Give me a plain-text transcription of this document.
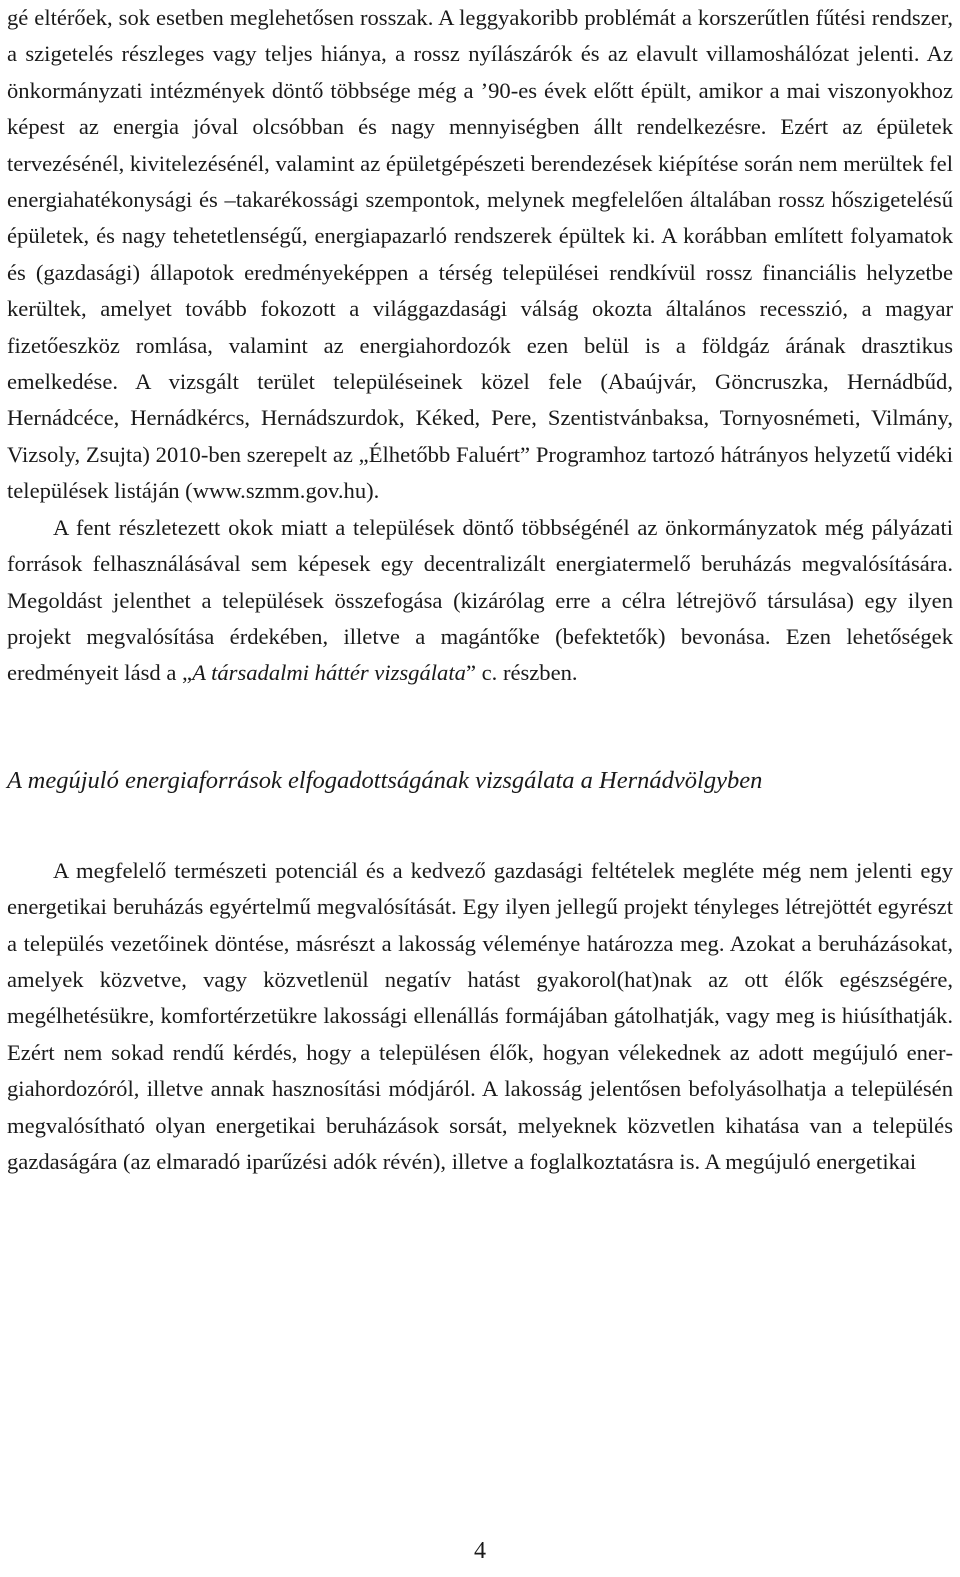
gé eltérőek, sok esetben meglehetősen rosszak. A leggyakoribb problémát a korszerűtlen fűtési rendszer, a szigetelés részleges vagy teljes hiánya, a rossz nyílászárók és az elavult villamoshálózat jelenti. Az önkormányzati intézmények döntő többsége még a ’90-es évek előtt épült, amikor a mai viszonyokhoz képest az energia jóval olcsóbban és nagy mennyiségben állt rendelkezésre. Ezért az épületek tervezésénél, kivitelezésénél, valamint az épületgépészeti berendezések kiépítése során nem merültek fel energiahatékonysági és –takarékossági szempontok, melynek megfelelően általában rossz hőszigetelésű épületek, és nagy tehetetlenségű, energiapazarló rendszerek épültek ki. A korábban említett folyamatok és (gazdasági) állapotok eredményeképpen a térség települései rendkívül rossz financiális helyzetbe kerültek, amelyet tovább fokozott a világgazdasági válság okozta általános recesszió, a magyar fizetőeszköz romlása, valamint az energiahordozók ezen belül is a földgáz árának drasztikus emelkedése. A vizsgált terület településeinek közel fele (Abaújvár, Göncruszka, Hernádbűd, Hernádcéce, Hernádkércs, Hernádszurdok, Kéked, Pere, Szentistvánbaksa, Tornyosnémeti, Vilmány, Vizsoly, Zsujta) 2010-ben szerepelt az „Élhetőbb Faluért” Programhoz tartozó hátrányos helyzetű vidéki települések listáján (www.szmm.gov.hu).

A fent részletezett okok miatt a települések döntő többségénél az önkormányzatok még pályázati források felhasználásával sem képesek egy decentralizált energiatermelő beruházás megvalósítására. Megoldást jelenthet a települések összefogása (kizárólag erre a célra létrejövő társulása) egy ilyen projekt megvalósítása érdekében, illetve a magántőke (befektetők) bevonása. Ezen lehetőségek eredményeit lásd a „A társadalmi háttér vizsgálata” c. részben.

A megújuló energiaforrások elfogadottságának vizsgálata a Hernádvölgyben

A megfelelő természeti potenciál és a kedvező gazdasági feltételek megléte még nem jelenti egy energetikai beruházás egyértelmű megvalósítását. Egy ilyen jellegű projekt tényleges létrejöttét egyrészt a település vezetőinek döntése, másrészt a lakosság véleménye határozza meg. Azokat a beruházásokat, amelyek közvetve, vagy közvetlenül negatív hatást gyakorol(hat)nak az ott élők egészségére, megélhetésükre, komfortérzetükre lakossági ellenállás formájában gátolhatják, vagy meg is hiúsíthatják. Ezért nem sokad rendű kérdés, hogy a településen élők, hogyan vélekednek az adott megújuló energiahordozóról, illetve annak hasznosítási módjáról. A lakosság jelentősen befolyásolhatja a településén megvalósítható olyan energetikai beruházások sorsát, melyeknek közvetlen kihatása van a település gazdaságára (az elmaradó iparűzési adók révén), illetve a foglalkoztatásra is. A megújuló energetikai

4
